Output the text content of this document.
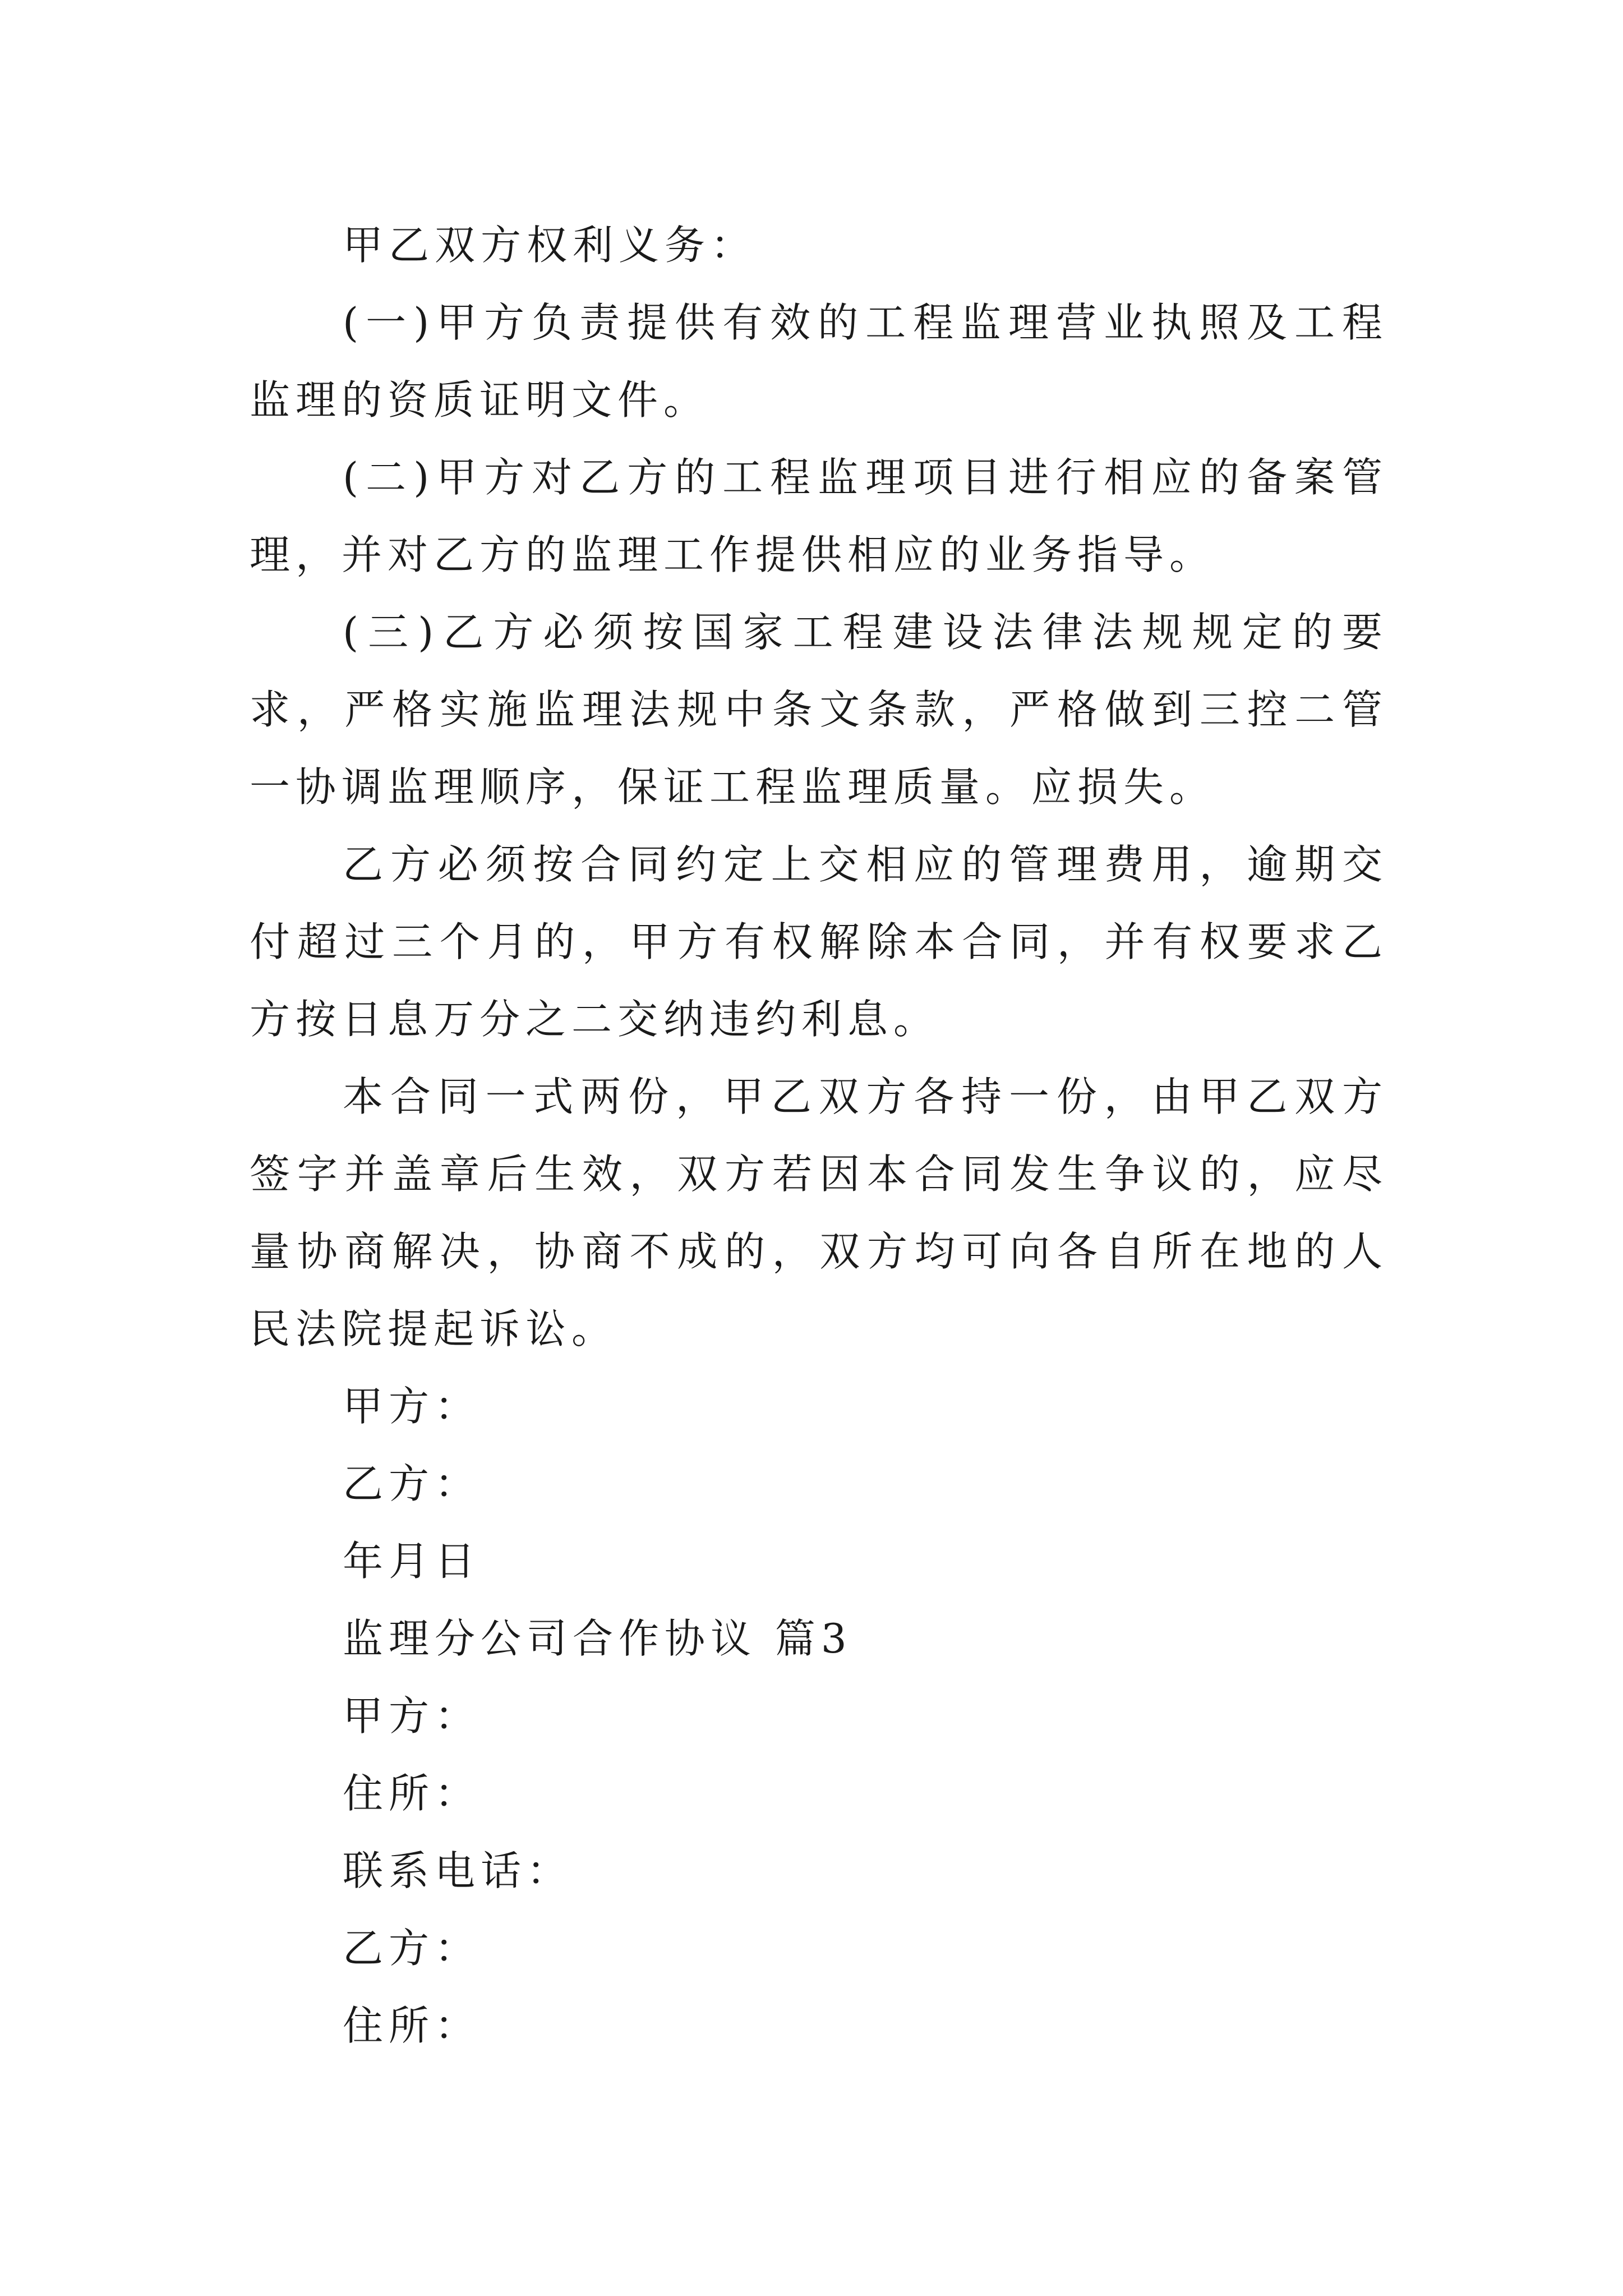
甲乙双方权利义务：

(一)甲方负责提供有效的工程监理营业执照及工程监理的资质证明文件。

(二)甲方对乙方的工程监理项目进行相应的备案管理，并对乙方的监理工作提供相应的业务指导。

(三)乙方必须按国家工程建设法律法规规定的要求，严格实施监理法规中条文条款，严格做到三控二管一协调监理顺序，保证工程监理质量。应损失。

乙方必须按合同约定上交相应的管理费用，逾期交付超过三个月的，甲方有权解除本合同，并有权要求乙方按日息万分之二交纳违约利息。

本合同一式两份，甲乙双方各持一份，由甲乙双方签字并盖章后生效，双方若因本合同发生争议的，应尽量协商解决，协商不成的，双方均可向各自所在地的人民法院提起诉讼。

甲方：

乙方：

年月日

监理分公司合作协议 篇3

甲方：

住所：

联系电话：

乙方：

住所：
